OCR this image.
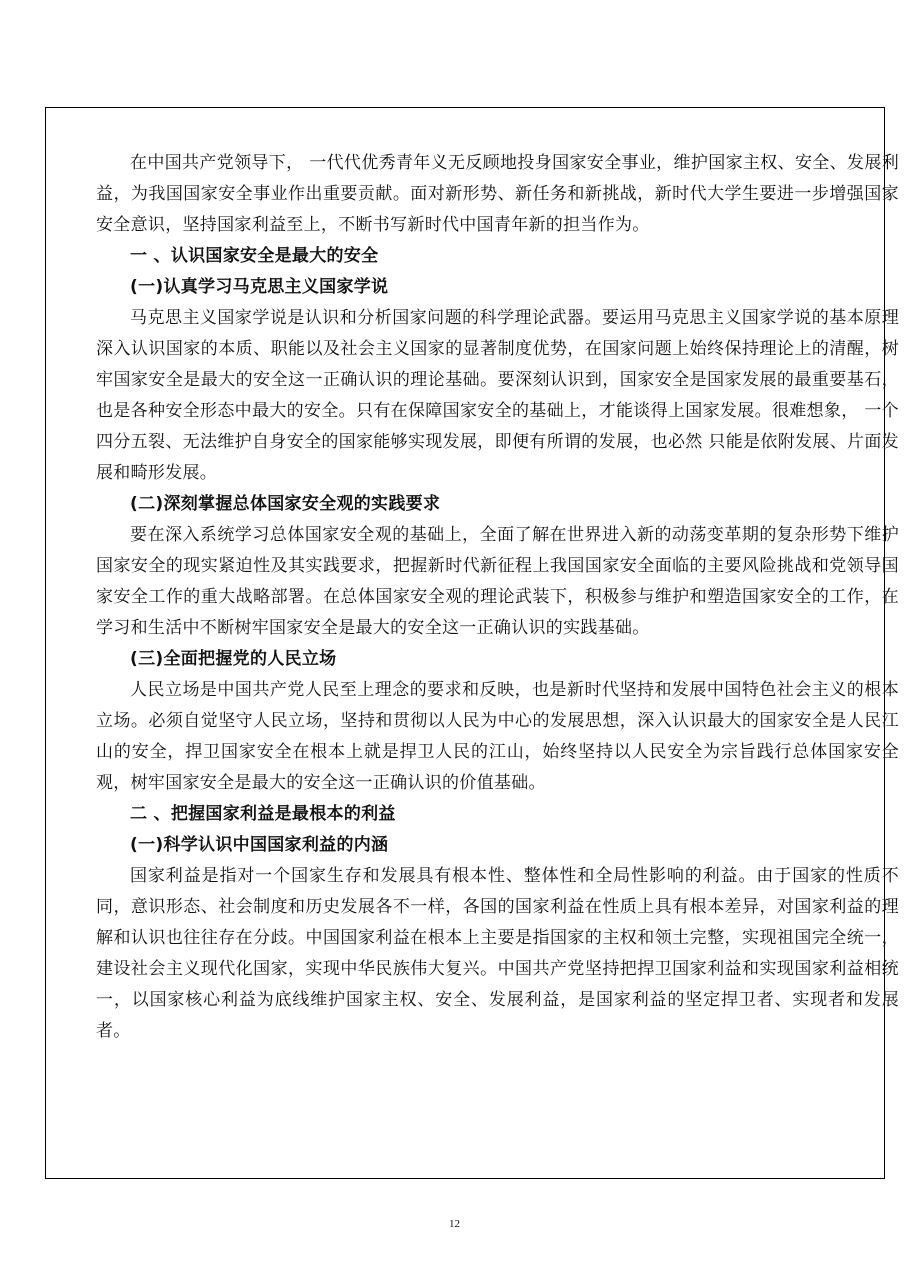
在中国共产党领导下， 一代代优秀青年义无反顾地投身国家安全事业，维护国家主权、安全、发展利益，为我国国家安全事业作出重要贡献。面对新形势、新任务和新挑战，新时代大学生要进一步增强国家安全意识，坚持国家利益至上，不断书写新时代中国青年新的担当作为。

一 、认识国家安全是最大的安全

(一)认真学习马克思主义国家学说

马克思主义国家学说是认识和分析国家问题的科学理论武器。要运用马克思主义国家学说的基本原理深入认识国家的本质、职能以及社会主义国家的显著制度优势，在国家问题上始终保持理论上的清醒，树牢国家安全是最大的安全这一正确认识的理论基础。要深刻认识到，国家安全是国家发展的最重要基石，也是各种安全形态中最大的安全。只有在保障国家安全的基础上，才能谈得上国家发展。很难想象， 一个四分五裂、无法维护自身安全的国家能够实现发展，即便有所谓的发展，也必然 只能是依附发展、片面发展和畸形发展。

(二)深刻掌握总体国家安全观的实践要求

要在深入系统学习总体国家安全观的基础上，全面了解在世界进入新的动荡变革期的复杂形势下维护国家安全的现实紧迫性及其实践要求，把握新时代新征程上我国国家安全面临的主要风险挑战和党领导国家安全工作的重大战略部署。在总体国家安全观的理论武装下，积极参与维护和塑造国家安全的工作，在学习和生活中不断树牢国家安全是最大的安全这一正确认识的实践基础。

(三)全面把握党的人民立场

人民立场是中国共产党人民至上理念的要求和反映，也是新时代坚持和发展中国特色社会主义的根本立场。必须自觉坚守人民立场，坚持和贯彻以人民为中心的发展思想，深入认识最大的国家安全是人民江山的安全，捍卫国家安全在根本上就是捍卫人民的江山，始终坚持以人民安全为宗旨践行总体国家安全观，树牢国家安全是最大的安全这一正确认识的价值基础。

二 、把握国家利益是最根本的利益

(一)科学认识中国国家利益的内涵

国家利益是指对一个国家生存和发展具有根本性、整体性和全局性影响的利益。由于国家的性质不同，意识形态、社会制度和历史发展各不一样，各国的国家利益在性质上具有根本差异，对国家利益的理解和认识也往往存在分歧。中国国家利益在根本上主要是指国家的主权和领土完整，实现祖国完全统一，建设社会主义现代化国家，实现中华民族伟大复兴。中国共产党坚持把捍卫国家利益和实现国家利益相统一，以国家核心利益为底线维护国家主权、安全、发展利益，是国家利益的坚定捍卫者、实现者和发展者。

12
